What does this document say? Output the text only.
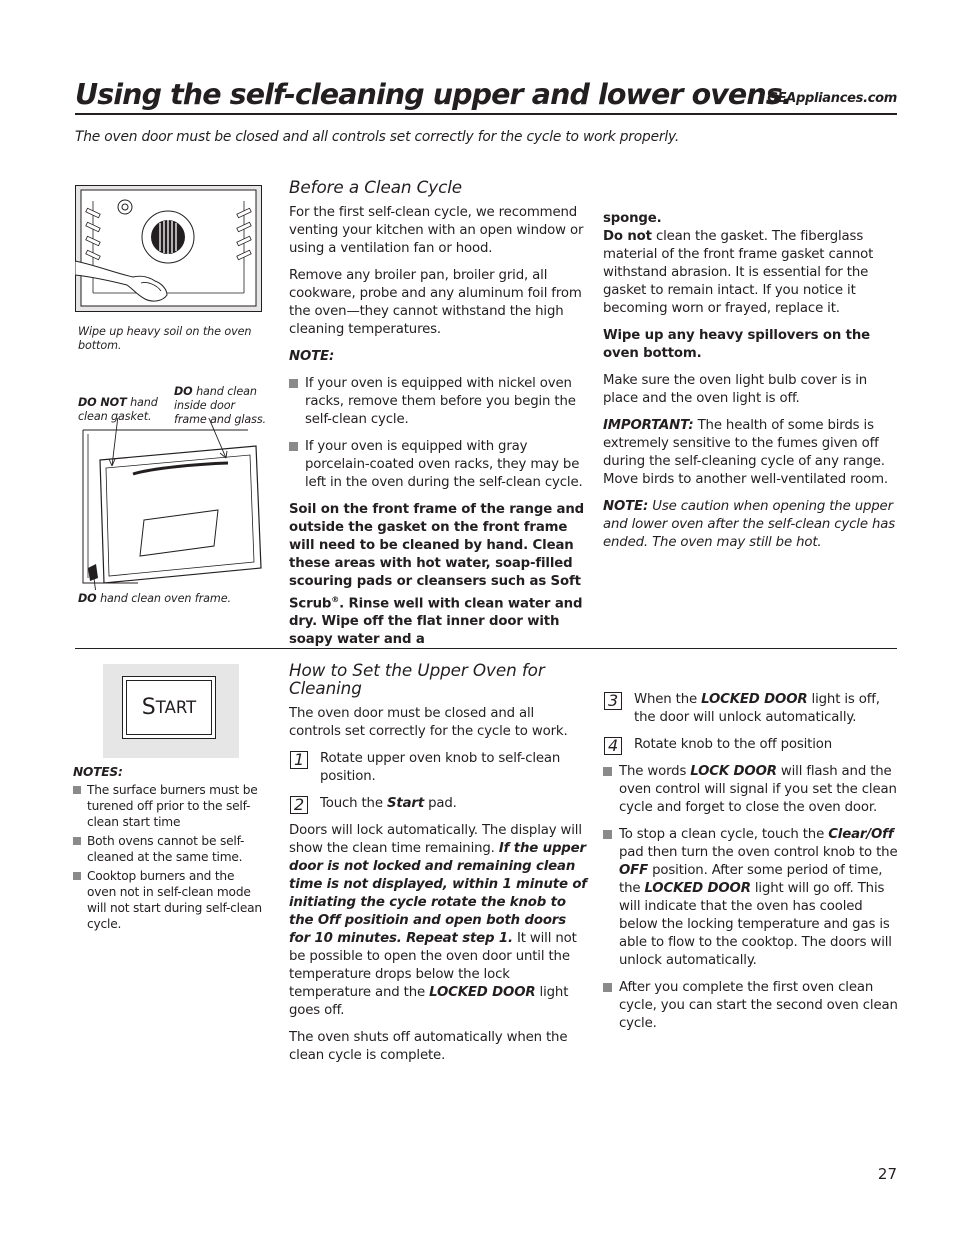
Using the self-cleaning upper and lower ovens.
GEAppliances.com
The oven door must be closed and all controls set correctly for the cycle to work properly.
Wipe up heavy soil on the oven bottom.
DO NOT hand clean gasket.
DO hand clean inside door frame and glass.
DO hand clean oven frame.
Before a Clean Cycle

For the first self-clean cycle, we recommend venting your kitchen with an open window or using a ventilation fan or hood.

Remove any broiler pan, broiler grid, all cookware, probe and any aluminum foil from the oven—they cannot withstand the high cleaning temperatures.

NOTE:

If your oven is equipped with nickel oven racks, remove them before you begin the self-clean cycle.

If your oven is equipped with gray porcelain-coated oven racks, they may be left in the oven during the self-clean cycle.

Soil on the front frame of the range and outside the gasket on the front frame will need to be cleaned by hand. Clean these areas with hot water, soap-filled scouring pads or cleansers such as Soft Scrub®. Rinse well with clean water and dry. Wipe off the flat inner door with soapy water and a

sponge.

Do not clean the gasket. The fiberglass material of the front frame gasket cannot withstand abrasion. It is essential for the gasket to remain intact. If you notice it becoming worn or frayed, replace it.

Wipe up any heavy spillovers on the oven bottom.

Make sure the oven light bulb cover is in place and the oven light is off.

IMPORTANT: The health of some birds is extremely sensitive to the fumes given off during the self-cleaning cycle of any range. Move birds to another well-ventilated room.

NOTE: Use caution when opening the upper and lower oven after the self-clean cycle has ended. The oven may still be hot.

S TART
NOTES:
The surface burners must be turened off prior to the self-clean start time
Both ovens cannot be self-cleaned at the same time.
Cooktop burners and the oven not in self-clean mode will not start during self-clean cycle.
How to Set the Upper Oven for Cleaning

The oven door must be closed and all controls set correctly for the cycle to work.

1 Rotate upper oven knob to self-clean position.
2 Touch the Start pad.

Doors will lock automatically. The display will show the clean time remaining. If the upper door is not locked and remaining clean time is not displayed, within 1 minute of initiating the cycle rotate the knob to the Off positioin and open both doors for 10 minutes. Repeat step 1. It will not be possible to open the oven door until the temperature drops below the lock temperature and the LOCKED DOOR light goes off.

The oven shuts off automatically when the clean cycle is complete.

3 When the LOCKED DOOR light is off, the door will unlock automatically.
4 Rotate knob to the off position

The words LOCK DOOR will flash and the oven control will signal if you set the clean cycle and forget to close the oven door.

To stop a clean cycle, touch the Clear/Off pad then turn the oven control knob to the OFF position. After some period of time, the LOCKED DOOR light will go off. This will indicate that the oven has cooled below the locking temperature and gas is able to flow to the cooktop. The doors will unlock automatically.

After you complete the first oven clean cycle, you can start the second oven clean cycle.

27
